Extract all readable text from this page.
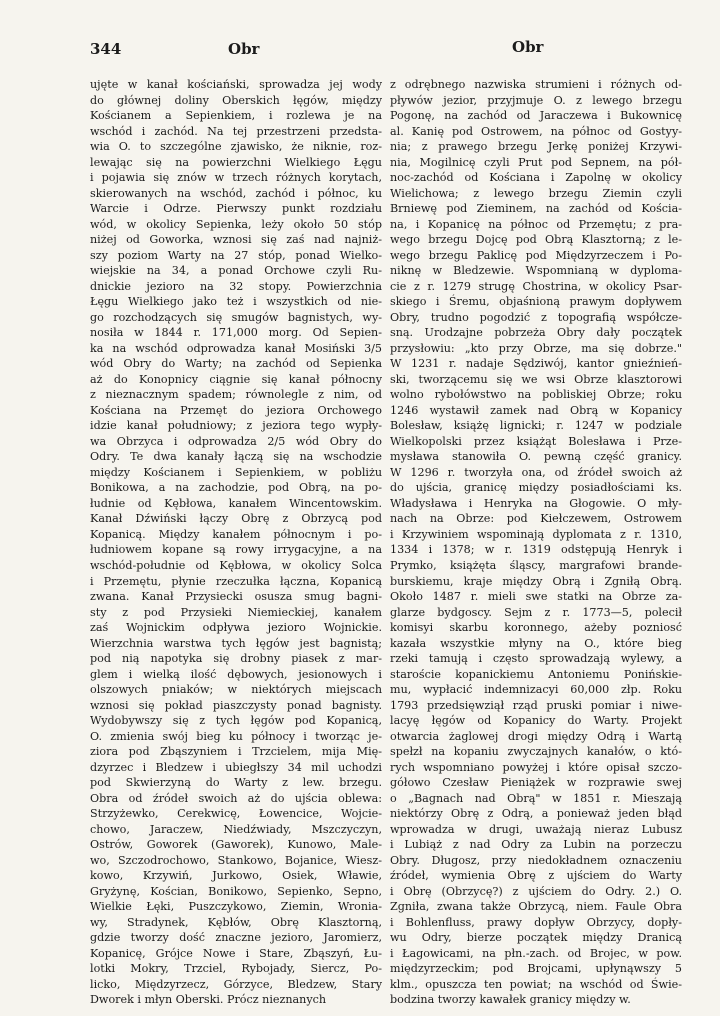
344	Obr	Obr
ujęte w kanał kościański, sprowadza jej wody
do głównej doliny Oberskich łęgów, między
Kościanem a Sepienkiem, i rozlewa je na
wschód i zachód. Na tej przestrzeni przedsta-
wia O. to szczególne zjawisko, że niknie, roz-
lewając się na powierzchni Wielkiego Łęgu
i pojawia się znów w trzech różnych korytach,
skierowanych na wschód, zachód i północ, ku
Warcie i Odrze. Pierwszy punkt rozdziału
wód, w okolicy Sepienka, leży około 50 stóp
niżej od Goworka, wznosi się zaś nad najniż-
szy poziom Warty na 27 stóp, ponad Wielko-
wiejskie na 34, a ponad Orchowe czyli Ru-
dnickie jezioro na 32 stopy. Powierzchnia
Łęgu Wielkiego jako też i wszystkich od nie-
go rozchodzących się smugów bagnistych, wy-
nosiła w 1844 r. 171,000 morg. Od Sepien-
ka na wschód odprowadza kanał Mosiński 3/5
wód Obry do Warty; na zachód od Sepienka
aż do Konopnicy ciągnie się kanał północny
z nieznacznym spadem; równolegle z nim, od
Kościana na Przemęt do jeziora Orchowego
idzie kanał południowy; z jeziora tego wypły-
wa Obrzyca i odprowadza 2/5 wód Obry do
Odry. Te dwa kanały łączą się na wschodzie
między Kościanem i Sepienkiem, w pobliżu
Bonikowa, a na zachodzie, pod Obrą, na po-
łudnie od Kębłowa, kanałem Wincentowskim.
Kanał Dźwiński łączy Obrę z Obrzycą pod
Kopanicą. Między kanałem północnym i po-
łudniowem kopane są rowy irrygacyjne, a na
wschód-południe od Kębłowa, w okolicy Solca
i Przemętu, płynie rzeczułka łączna, Kopanicą
zwana. Kanał Przysiecki osusza smug bagni-
sty z pod Przysieki Niemieckiej, kanałem
zaś Wojnickim odpływa jezioro Wojnickie.
Wierzchnia warstwa tych łęgów jest bagnistą;
pod nią napotyka się drobny piasek z mar-
glem i wielką ilość dębowych, jesionowych i
olszowych pniaków; w niektórych miejscach
wznosi się pokład piaszczysty ponad bagnisty.
Wydobywszy się z tych łęgów pod Kopanicą,
O. zmienia swój bieg ku północy i tworząc je-
ziora pod Zbąszyniem i Trzcielem, mija Mię-
dzyrzec i Bledzew i ubiegłszy 34 mil uchodzi
pod Skwierzyną do Warty z lew. brzegu.
Obra od źródeł swoich aż do ujścia oblewa:
Strzyżewko, Cerekwicę, Łowencice, Wojcie-
chowo, Jaraczew, Niedźwiady, Mszczyczyn,
Ostrów, Goworek (Gaworek), Kunowo, Male-
wo, Szczodrochowo, Stankowo, Bojanice, Wiesz-
kowo, Krzywiń, Jurkowo, Osiek, Wławie,
Gryżynę, Kościan, Bonikowo, Sepienko, Sepno,
Wielkie Łęki, Puszczykowo, Ziemin, Wronia-
wy, Stradynek, Kębłów, Obrę Klasztorną,
gdzie tworzy dość znaczne jezioro, Jaromierz,
Kopanicę, Grójce Nowe i Stare, Zbąszyń, Łu-
lotki Mokry, Trzciel, Rybojady, Siercz, Po-
licko, Międzyrzecz, Górzyce, Bledzew, Stary
Dworek i młyn Oberski. Prócz nieznanych
z odrębnego nazwiska strumieni i różnych od-
pływów jezior, przyjmuje O. z lewego brzegu
Pogonę, na zachód od Jaraczewa i Bukownicę
al. Kanię pod Ostrowem, na północ od Gostyy-
nia; z prawego brzegu Jerkę poniżej Krzywi-
nia, Mogilnicę czyli Prut pod Sepnem, na pół-
noc-zachód od Kościana i Zapolnę w okolicy
Wielichowa; z lewego brzegu Ziemin czyli
Brniewę pod Zieminem, na zachód od Kościa-
na, i Kopanicę na północ od Przemętu; z pra-
wego brzegu Dojcę pod Obrą Klasztorną; z le-
wego brzegu Paklicę pod Międzyrzeczem i Po-
niknę w Bledzewie. Wspomnianą w dyploma-
cie z r. 1279 strugę Chostrina, w okolicy Psar-
skiego i Śremu, objaśnioną prawym dopływem
Obry, trudno pogodzić z topografią współcze-
sną. Urodzajne pobrzeża Obry dały początek
przysłowiu: „kto przy Obrze, ma się dobrze."
W 1231 r. nadaje Sędziwój, kantor gnieźnień-
ski, tworzącemu się we wsi Obrze klasztorowi
wolno rybołówstwo na pobliskiej Obrze; roku
1246 wystawił zamek nad Obrą w Kopanicy
Bolesław, książę lignicki; r. 1247 w podziale
Wielkopolski przez książąt Bolesława i Prze-
mysława stanowiła O. pewną część granicy.
W 1296 r. tworzyła ona, od źródeł swoich aż
do ujścia, granicę między posiadłościami ks.
Władysława i Henryka na Głogowie. O mły-
nach na Obrze: pod Kiełczewem, Ostrowem
i Krzywiniem wspominają dyplomata z r. 1310,
1334 i 1378; w r. 1319 odstępują Henryk i
Prymko, książęta śląscy, margrafowi brande-
burskiemu, kraje między Obrą i Zgniłą Obrą.
Około 1487 r. mieli swe statki na Obrze za-
glarze bydgoscy. Sejm z r. 1773—5, polecił
komisyi skarbu koronnego, ażeby pozniosć
kazała wszystkie młyny na O., które bieg
rzeki tamują i często sprowadzają wylewy, a
staroście kopanickiemu Antoniemu Ponińskie-
mu, wypłacić indemnizacyi 60,000 złp. Roku
1793 przedsięwziął rząd pruski pomiar i niwe-
lacyę łęgów od Kopanicy do Warty. Projekt
otwarcia żaglowej drogi między Odrą i Wartą
spełzł na kopaniu zwyczajnych kanałów, o któ-
rych wspomniano powyżej i które opisał szczo-
gółowo Czesław Pieniążek w rozprawie swej
o „Bagnach nad Obrą" w 1851 r. Mieszają
niektórzy Obrę z Odrą, a ponieważ jeden błąd
wprowadza w drugi, uważają nieraz Lubusz
i Lubiąż z nad Odry za Lubin na porzeczu
Obry. Długosz, przy niedokładnem oznaczeniu
źródeł, wymienia Obrę z ujściem do Warty
i Obrę (Obrzycę?) z ujściem do Odry. 2.) O.
Zgniła, zwana także Obrzycą, niem. Faule Obra
i Bohlenfluss, prawy dopływ Obrzycy, dopły-
wu Odry, bierze początek między Dranicą
i Łagowicami, na płn.-zach. od Brojec, w pow.
międzyrzeckim; pod Brojcami, upłynąwszy 5
klm., opuszcza ten powiat; na wschód od Świe-
bodzina tworzy kawałek granicy między w.
